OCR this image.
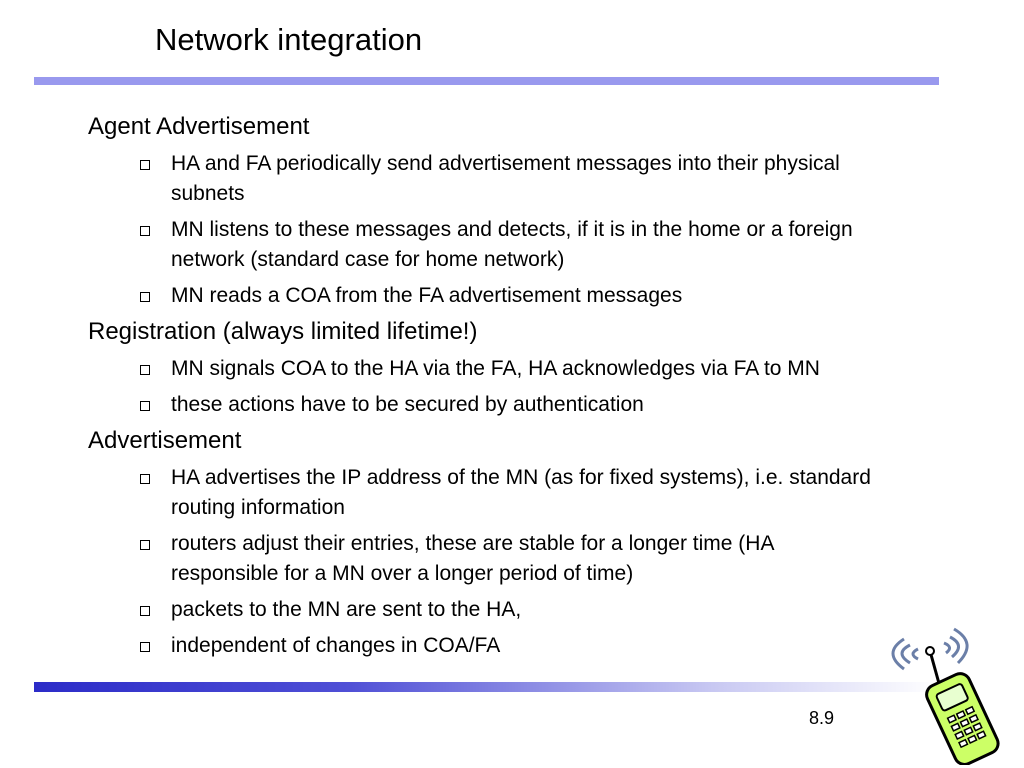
Network integration
Agent Advertisement
HA and FA periodically send advertisement messages into their physical subnets
MN listens to these messages and detects, if it is in the home or a foreign network (standard case for home network)
MN reads a COA from the FA advertisement messages
Registration (always limited lifetime!)
MN signals COA to the HA via the FA, HA acknowledges via FA to MN
these actions have to be secured by authentication
Advertisement
HA advertises the IP address of the MN (as for fixed systems), i.e. standard routing information
routers adjust their entries, these are stable for a longer time (HA responsible for a MN over a longer period of time)
packets to the MN are sent to the HA,
independent of changes in COA/FA
8.9
